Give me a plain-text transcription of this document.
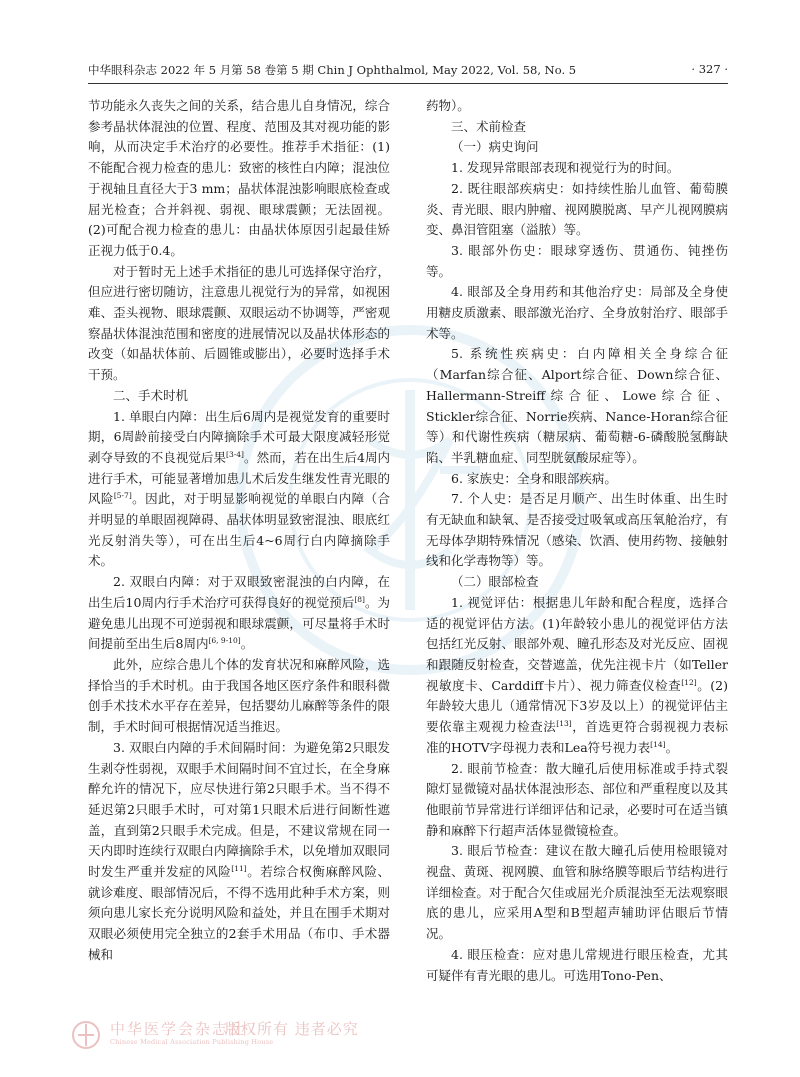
中华眼科杂志 2022 年 5 月第 58 卷第 5 期 Chin J Ophthalmol, May 2022, Vol. 58, No. 5	· 327 ·

节功能永久丧失之间的关系，结合患儿自身情况，综合参考晶状体混浊的位置、程度、范围及其对视功能的影响，从而决定手术治疗的必要性。推荐手术指征：(1)不能配合视力检查的患儿：致密的核性白内障；混浊位于视轴且直径大于3 mm；晶状体混浊影响眼底检查或屈光检查；合并斜视、弱视、眼球震颤；无法固视。(2)可配合视力检查的患儿：由晶状体原因引起最佳矫正视力低于0.4。

对于暂时无上述手术指征的患儿可选择保守治疗，但应进行密切随访，注意患儿视觉行为的异常，如视困难、歪头视物、眼球震颤、双眼运动不协调等，严密观察晶状体混浊范围和密度的进展情况以及晶状体形态的改变（如晶状体前、后圆锥或膨出），必要时选择手术干预。

二、手术时机

1. 单眼白内障：出生后6周内是视觉发育的重要时期，6周龄前接受白内障摘除手术可最大限度减轻形觉剥夺导致的不良视觉后果[3-4]。然而，若在出生后4周内进行手术，可能显著增加患儿术后发生继发性青光眼的风险[5-7]。因此，对于明显影响视觉的单眼白内障（合并明显的单眼固视障碍、晶状体明显致密混浊、眼底红光反射消失等），可在出生后4~6周行白内障摘除手术。

2. 双眼白内障：对于双眼致密混浊的白内障，在出生后10周内行手术治疗可获得良好的视觉预后[8]。为避免患儿出现不可逆弱视和眼球震颤，可尽量将手术时间提前至出生后8周内[6, 9-10]。

此外，应综合患儿个体的发育状况和麻醉风险，选择恰当的手术时机。由于我国各地区医疗条件和眼科微创手术技术水平存在差异，包括婴幼儿麻醉等条件的限制，手术时间可根据情况适当推迟。

3. 双眼白内障的手术间隔时间：为避免第2只眼发生剥夺性弱视，双眼手术间隔时间不宜过长，在全身麻醉允许的情况下，应尽快进行第2只眼手术。当不得不延迟第2只眼手术时，可对第1只眼术后进行间断性遮盖，直到第2只眼手术完成。但是，不建议常规在同一天内即时连续行双眼白内障摘除手术，以免增加双眼同时发生严重并发症的风险[11]。若综合权衡麻醉风险、就诊难度、眼部情况后，不得不选用此种手术方案，则须向患儿家长充分说明风险和益处，并且在围手术期对双眼必须使用完全独立的2套手术用品（布巾、手术器械和

药物）。

三、术前检查

（一）病史询问

1. 发现异常眼部表现和视觉行为的时间。

2. 既往眼部疾病史：如持续性胎儿血管、葡萄膜炎、青光眼、眼内肿瘤、视网膜脱离、早产儿视网膜病变、鼻泪管阻塞（溢脓）等。

3. 眼部外伤史：眼球穿透伤、贯通伤、钝挫伤等。

4. 眼部及全身用药和其他治疗史：局部及全身使用糖皮质激素、眼部激光治疗、全身放射治疗、眼部手术等。

5. 系统性疾病史：白内障相关全身综合征（Marfan综合征、Alport综合征、Down综合征、Hallermann-Streiff综合征、Lowe综合征、Stickler综合征、Norrie疾病、Nance-Horan综合征等）和代谢性疾病（糖尿病、葡萄糖-6-磷酸脱氢酶缺陷、半乳糖血症、同型胱氨酸尿症等）。

6. 家族史：全身和眼部疾病。

7. 个人史：是否足月顺产、出生时体重、出生时有无缺血和缺氧、是否接受过吸氧或高压氧舱治疗，有无母体孕期特殊情况（感染、饮酒、使用药物、接触射线和化学毒物等）等。

（二）眼部检查

1. 视觉评估：根据患儿年龄和配合程度，选择合适的视觉评估方法。(1)年龄较小患儿的视觉评估方法包括红光反射、眼部外观、瞳孔形态及对光反应、固视和跟随反射检查，交替遮盖，优先注视卡片（如Teller视敏度卡、Carddiff卡片）、视力筛查仪检查[12]。(2)年龄较大患儿（通常情况下3岁及以上）的视觉评估主要依靠主观视力检查法[13]，首选更符合弱视视力表标准的HOTV字母视力表和Lea符号视力表[14]。

2. 眼前节检查：散大瞳孔后使用标准或手持式裂隙灯显微镜对晶状体混浊形态、部位和严重程度以及其他眼前节异常进行详细评估和记录，必要时可在适当镇静和麻醉下行超声活体显微镜检查。

3. 眼后节检查：建议在散大瞳孔后使用检眼镜对视盘、黄斑、视网膜、血管和脉络膜等眼后节结构进行详细检查。对于配合欠佳或屈光介质混浊至无法观察眼底的患儿，应采用A型和B型超声辅助评估眼后节情况。

4. 眼压检查：应对患儿常规进行眼压检查，尤其可疑伴有青光眼的患儿。可选用Tono-Pen、

中华医学会杂志社
版权所有 违者必究
Chinese Medical Association Publishing House
